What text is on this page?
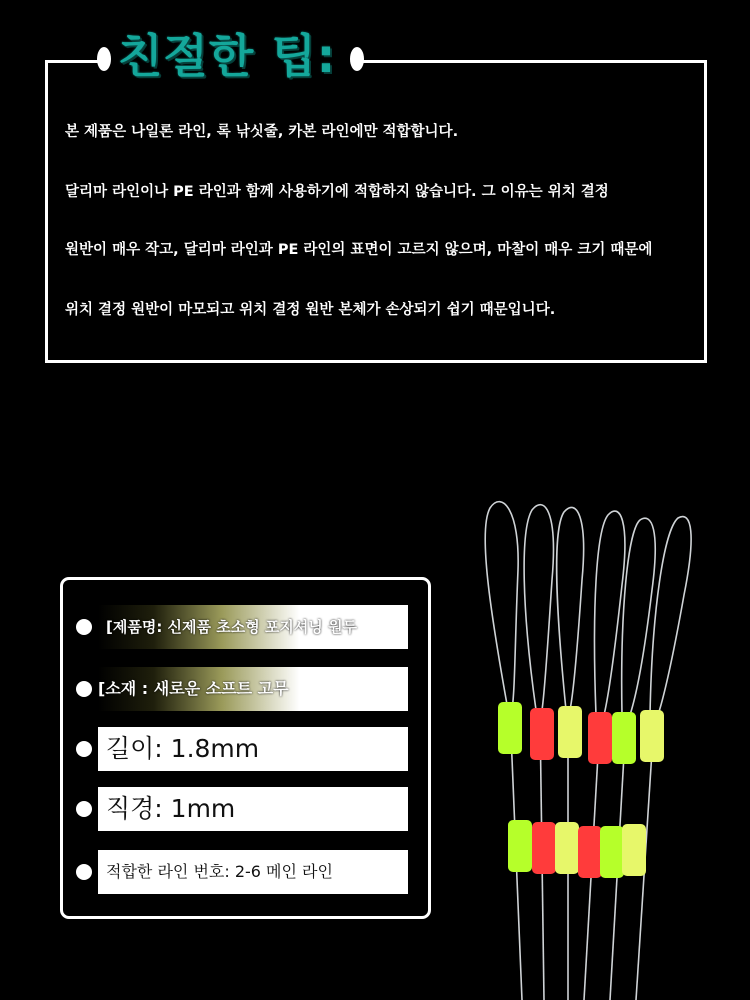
친절한 팁:
본 제품은 나일론 라인, 록 낚싯줄, 카본 라인에만 적합합니다.
달리마 라인이나 PE 라인과 함께 사용하기에 적합하지 않습니다. 그 이유는 위치 결정
원반이 매우 작고, 달리마 라인과 PE 라인의 표면이 고르지 않으며, 마찰이 매우 크기 때문에
위치 결정 원반이 마모되고 위치 결정 원반 본체가 손상되기 쉽기 때문입니다.
[제품명: 신제품 초소형 포지셔닝 원두
[소재 : 새로운 소프트 고무
길이: 1.8mm
직경: 1mm
적합한 라인 번호: 2-6 메인 라인
